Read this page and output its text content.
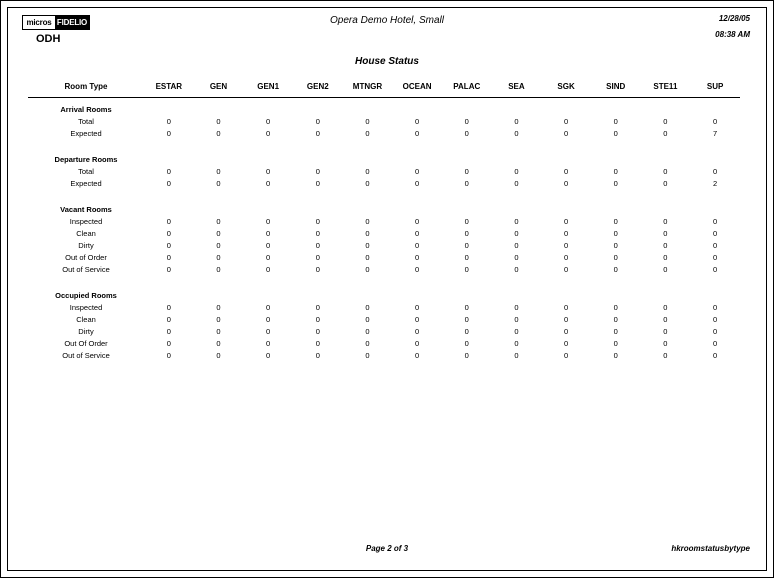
micros FIDELIO
ODH
Opera Demo Hotel, Small	12/28/05
08:38 AM
House Status
Room Type	ESTAR	GEN	GEN1	GEN2	MTNGR	OCEAN	PALAC	SEA	SGK	SIND	STE11	SUP
Arrival Rooms												
Total	0	0	0	0	0	0	0	0	0	0	0	0
Expected	0	0	0	0	0	0	0	0	0	0	0	7

Departure Rooms												
Total	0	0	0	0	0	0	0	0	0	0	0	0
Expected	0	0	0	0	0	0	0	0	0	0	0	2

Vacant Rooms												
Inspected	0	0	0	0	0	0	0	0	0	0	0	0
Clean	0	0	0	0	0	0	0	0	0	0	0	0
Dirty	0	0	0	0	0	0	0	0	0	0	0	0
Out of Order	0	0	0	0	0	0	0	0	0	0	0	0
Out of Service	0	0	0	0	0	0	0	0	0	0	0	0

Occupied Rooms												
Inspected	0	0	0	0	0	0	0	0	0	0	0	0
Clean	0	0	0	0	0	0	0	0	0	0	0	0
Dirty	0	0	0	0	0	0	0	0	0	0	0	0
Out Of Order	0	0	0	0	0	0	0	0	0	0	0	0
Out of Service	0	0	0	0	0	0	0	0	0	0	0	0
Page 2 of 3	hkroomstatusbytype
